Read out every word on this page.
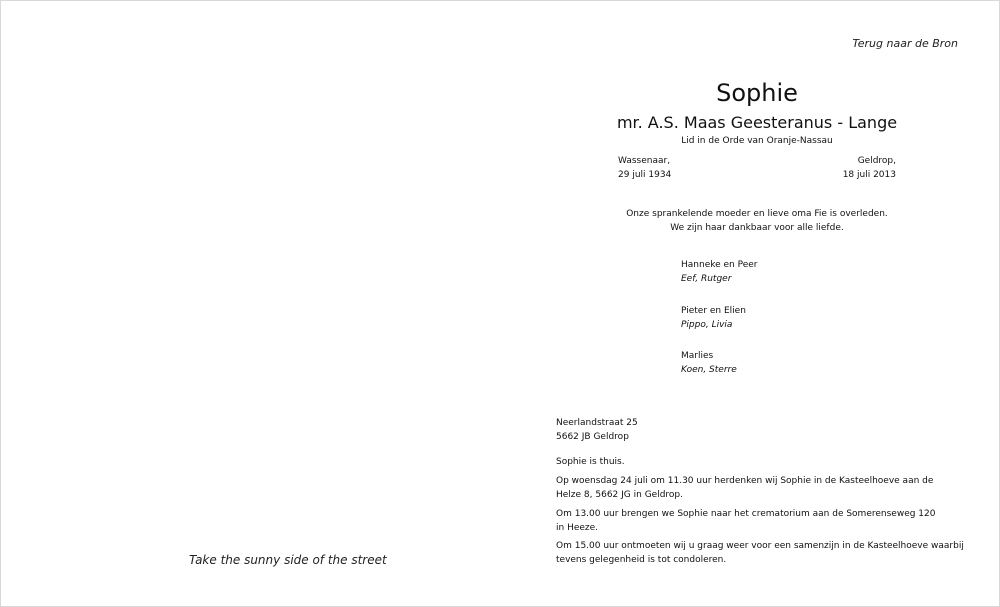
Terug naar de Bron
Take the sunny side of the street
Sophie
mr. A.S. Maas Geesteranus - Lange
Lid in de Orde van Oranje-Nassau
Wassenaar,
29 juli 1934
Geldrop,
18 juli 2013
Onze sprankelende moeder en lieve oma Fie is overleden.
We zijn haar dankbaar voor alle liefde.
Hanneke en Peer
Eef, Rutger
Pieter en Elien
Pippo, Livia
Marlies
Koen, Sterre
Neerlandstraat 25
5662 JB Geldrop
Sophie is thuis.
Op woensdag 24 juli om 11.30 uur herdenken wij Sophie in de Kasteelhoeve aan de
Helze 8, 5662 JG in Geldrop.
Om 13.00 uur brengen we Sophie naar het crematorium aan de Somerenseweg 120
in Heeze.
Om 15.00 uur ontmoeten wij u graag weer voor een samenzijn in de Kasteelhoeve waarbij
tevens gelegenheid is tot condoleren.
